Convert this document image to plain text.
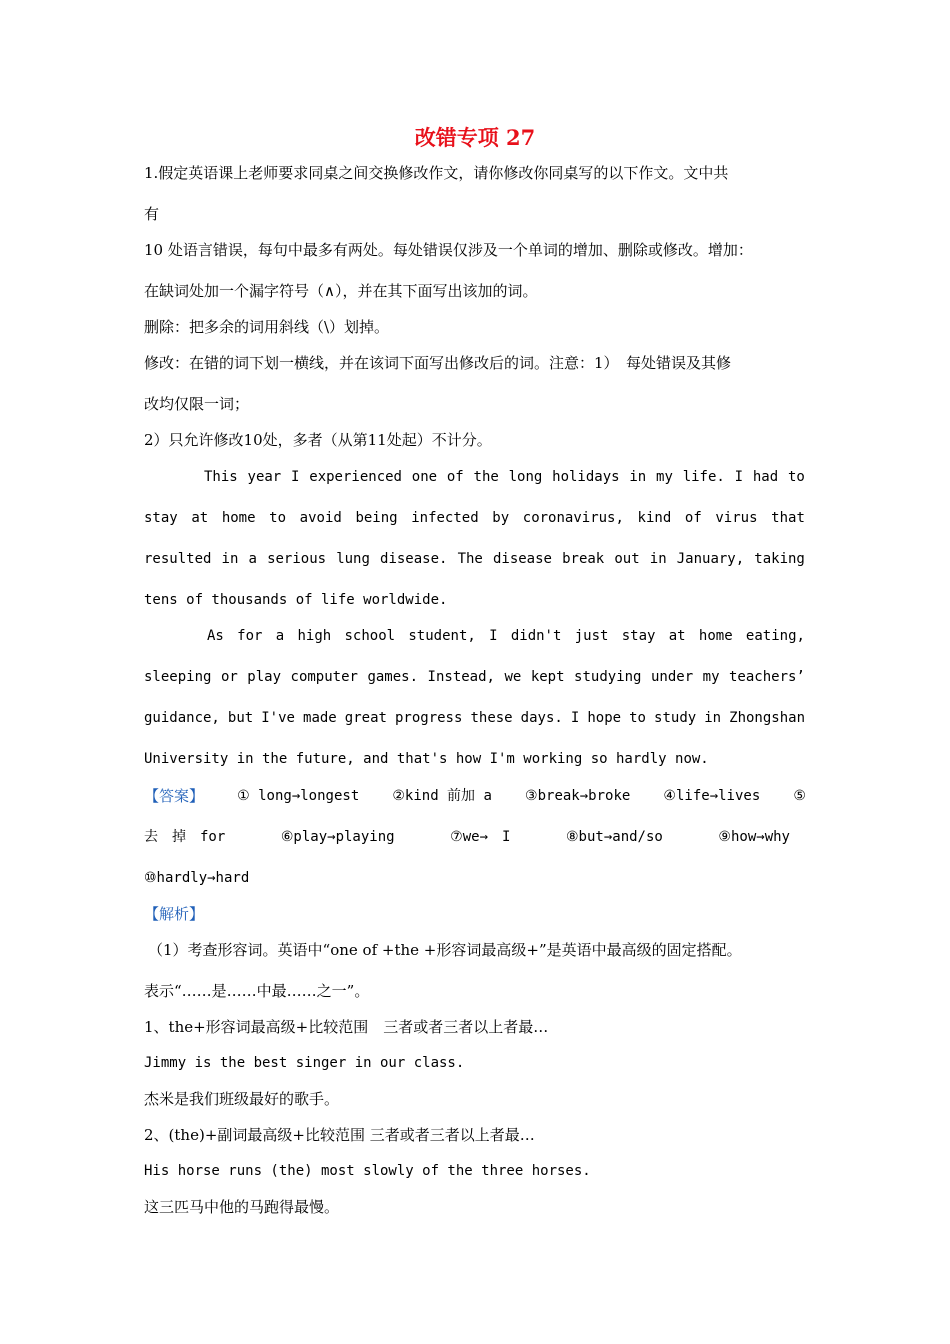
改错专项 27
1.假定英语课上老师要求同桌之间交换修改作文，请你修改你同桌写的以下作文。文中共
有
10 处语言错误，每句中最多有两处。每处错误仅涉及一个单词的增加、删除或修改。增加：
在缺词处加一个漏字符号（∧），并在其下面写出该加的词。
删除：把多余的词用斜线（\）划掉。
修改：在错的词下划一横线，并在该词下面写出修改后的词。注意：1）　每处错误及其修
改均仅限一词；
2）只允许修改10处，多者（从第11处起）不计分。
This year I experienced one of the long holidays in my life. I had to
stay at home to avoid being infected by coronavirus, kind of virus that
resulted in a serious lung disease. The disease break out in January, taking
tens of thousands of life worldwide.
As for a high school student, I didn't just stay at home eating,
sleeping or play computer games. Instead, we kept studying under my teachers’
guidance, but I've made great progress these days. I hope to study in Zhongshan
University in the future, and that's how I'm working so hardly now.
【答案】 ① long→longest ②kind 前加 a ③break→broke ④life→lives ⑤
去　掉　for	⑥play→playing	⑦we→　I	⑧but→and/so	⑨how→why
⑩hardly→hard
【解析】
（1）考查形容词。英语中“one of +the +形容词最高级+”是英语中最高级的固定搭配。
表示“……是……中最……之一”。
1、the+形容词最高级+比较范围　三者或者三者以上者最…
Jimmy is the best singer in our class.
杰米是我们班级最好的歌手。
2、(the)+副词最高级+比较范围 三者或者三者以上者最…
His horse runs (the) most slowly of the three horses.
这三匹马中他的马跑得最慢。
